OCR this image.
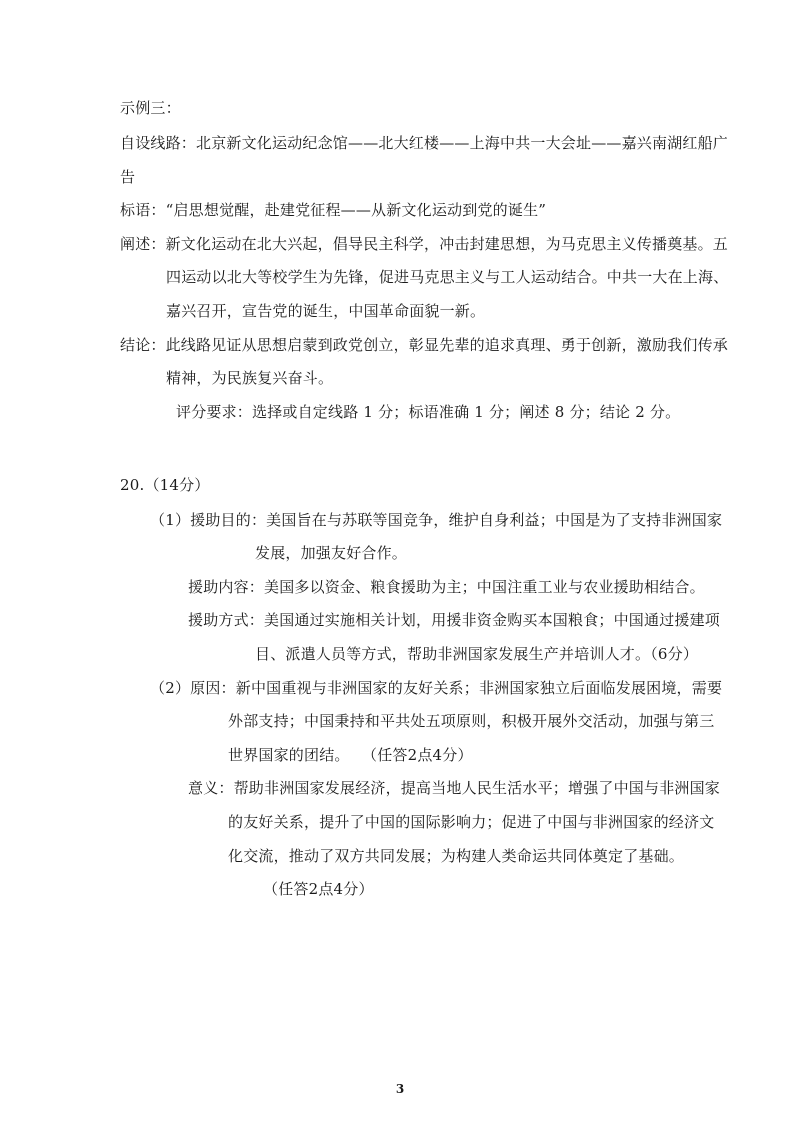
示例三：
自设线路：北京新文化运动纪念馆——北大红楼——上海中共一大会址——嘉兴南湖红船广
告
标语：“启思想觉醒，赴建党征程——从新文化运动到党的诞生”
阐述：新文化运动在北大兴起，倡导民主科学，冲击封建思想，为马克思主义传播奠基。五
四运动以北大等校学生为先锋，促进马克思主义与工人运动结合。中共一大在上海、
嘉兴召开，宣告党的诞生，中国革命面貌一新。
结论：此线路见证从思想启蒙到政党创立，彰显先辈的追求真理、勇于创新，激励我们传承
精神，为民族复兴奋斗。
评分要求：选择或自定线路 1 分；标语准确 1 分；阐述 8 分；结论 2 分。
20.（14分）
（1）援助目的：美国旨在与苏联等国竞争，维护自身利益；中国是为了支持非洲国家
发展，加强友好合作。
援助内容：美国多以资金、粮食援助为主；中国注重工业与农业援助相结合。
援助方式：美国通过实施相关计划，用援非资金购买本国粮食；中国通过援建项
目、派遣人员等方式，帮助非洲国家发展生产并培训人才。（6分）
（2）原因：新中国重视与非洲国家的友好关系；非洲国家独立后面临发展困境，需要
外部支持；中国秉持和平共处五项原则，积极开展外交活动，加强与第三
世界国家的团结。 （任答2点4分）
意义：帮助非洲国家发展经济，提高当地人民生活水平；增强了中国与非洲国家
的友好关系，提升了中国的国际影响力；促进了中国与非洲国家的经济文
化交流，推动了双方共同发展；为构建人类命运共同体奠定了基础。
（任答2点4分）
3
